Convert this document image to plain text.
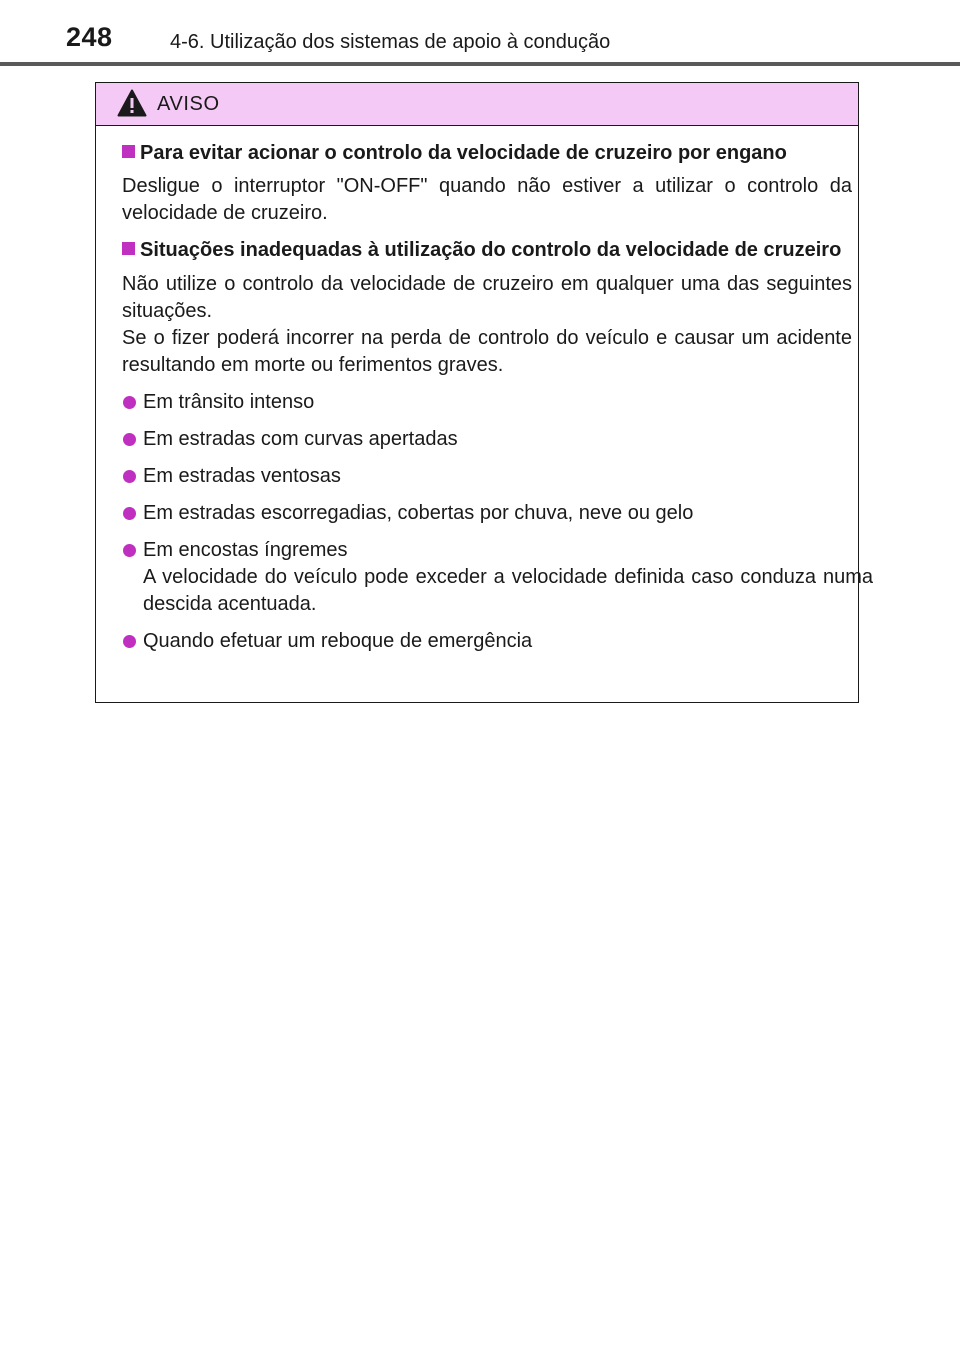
248	4-6. Utilização dos sistemas de apoio à condução
AVISO
Para evitar acionar o controlo da velocidade de cruzeiro por engano
Desligue o interruptor "ON-OFF" quando não estiver a utilizar o controlo da velocidade de cruzeiro.
Situações inadequadas à utilização do controlo da velocidade de cruzeiro
Não utilize o controlo da velocidade de cruzeiro em qualquer uma das seguintes situações.
Se o fizer poderá incorrer na perda de controlo do veículo e causar um acidente resultando em morte ou ferimentos graves.
Em trânsito intenso
Em estradas com curvas apertadas
Em estradas ventosas
Em estradas escorregadias, cobertas por chuva, neve ou gelo
Em encostas íngremes
A velocidade do veículo pode exceder a velocidade definida caso conduza numa descida acentuada.
Quando efetuar um reboque de emergência
